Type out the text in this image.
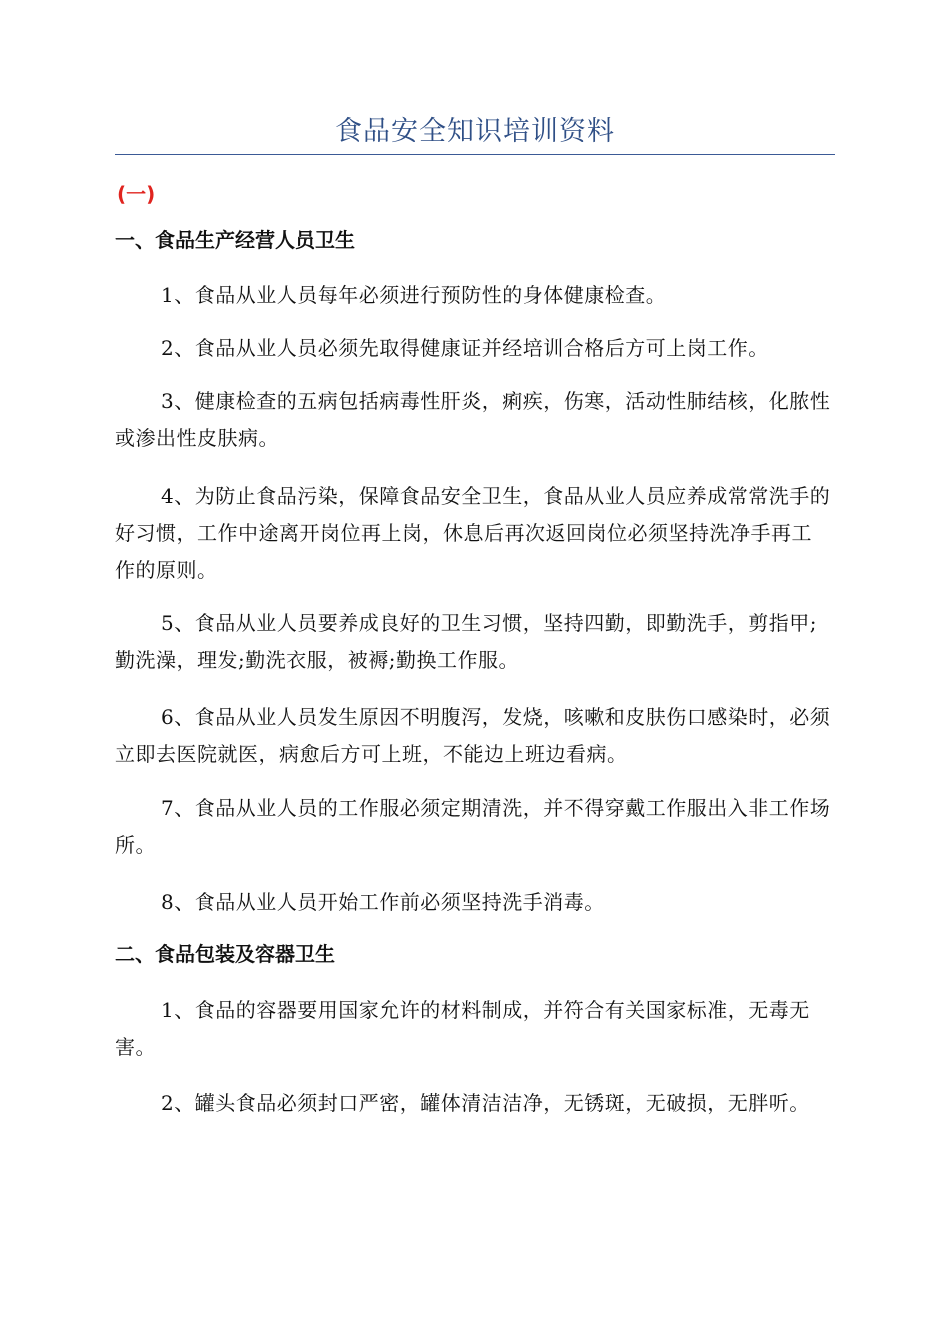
食品安全知识培训资料
(一)
一、食品生产经营人员卫生

1、食品从业人员每年必须进行预防性的身体健康检查。

2、食品从业人员必须先取得健康证并经培训合格后方可上岗工作。

3、健康检查的五病包括病毒性肝炎，痢疾，伤寒，活动性肺结核，化脓性或渗出性皮肤病。

4、为防止食品污染，保障食品安全卫生，食品从业人员应养成常常洗手的好习惯，工作中途离开岗位再上岗，休息后再次返回岗位必须坚持洗净手再工作的原则。

5、食品从业人员要养成良好的卫生习惯，坚持四勤，即勤洗手，剪指甲;勤洗澡，理发;勤洗衣服，被褥;勤换工作服。

6、食品从业人员发生原因不明腹泻，发烧，咳嗽和皮肤伤口感染时，必须立即去医院就医，病愈后方可上班，不能边上班边看病。

7、食品从业人员的工作服必须定期清洗，并不得穿戴工作服出入非工作场所。

8、食品从业人员开始工作前必须坚持洗手消毒。

二、食品包装及容器卫生

1、食品的容器要用国家允许的材料制成，并符合有关国家标准，无毒无害。

2、罐头食品必须封口严密，罐体清洁洁净，无锈斑，无破损，无胖听。
